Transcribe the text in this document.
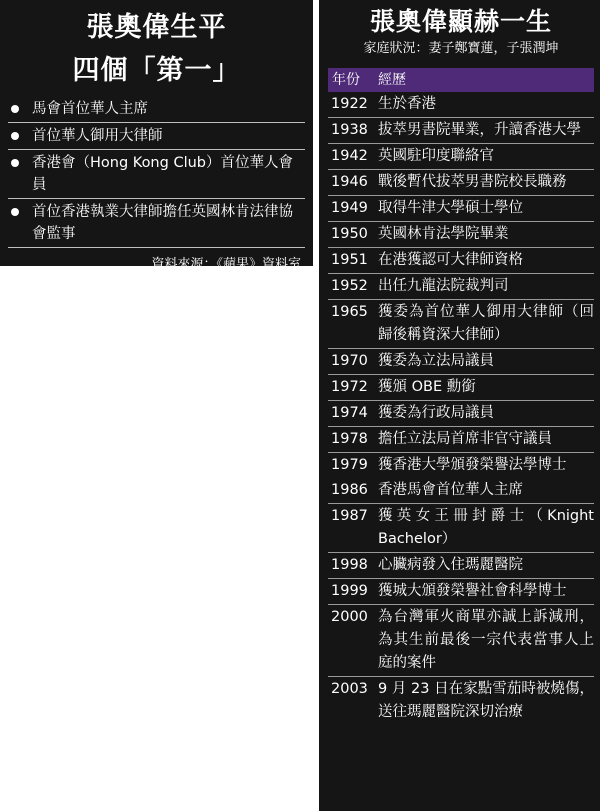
張奧偉生平
四個「第一」
馬會首位華人主席
首位華人御用大律師
香港會（Hong Kong Club）首位華人會員
首位香港執業大律師擔任英國林肯法律協會監事
資料來源：《蘋果》資料室
張奧偉顯赫一生
家庭狀況：妻子鄭寶蓮，子張潤坤
年份	經歷
1922 生於香港
1938 拔萃男書院畢業，升讀香港大學
1942 英國駐印度聯絡官
1946 戰後暫代拔萃男書院校長職務
1949 取得牛津大學碩士學位
1950 英國林肯法學院畢業
1951 在港獲認可大律師資格
1952 出任九龍法院裁判司
1965 獲委為首位華人御用大律師（回歸後稱資深大律師）
1970 獲委為立法局議員
1972 獲頒 OBE 勳銜
1974 獲委為行政局議員
1978 擔任立法局首席非官守議員
1979 獲香港大學頒發榮譽法學博士
1986 香港馬會首位華人主席
1987 獲英女王冊封爵士（Knight Bachelor）
1998 心臟病發入住瑪麗醫院
1999 獲城大頒發榮譽社會科學博士
2000 為台灣軍火商單亦誠上訴減刑，為其生前最後一宗代表當事人上庭的案件
2003 9 月 23 日在家點雪茄時被燒傷，送往瑪麗醫院深切治療
